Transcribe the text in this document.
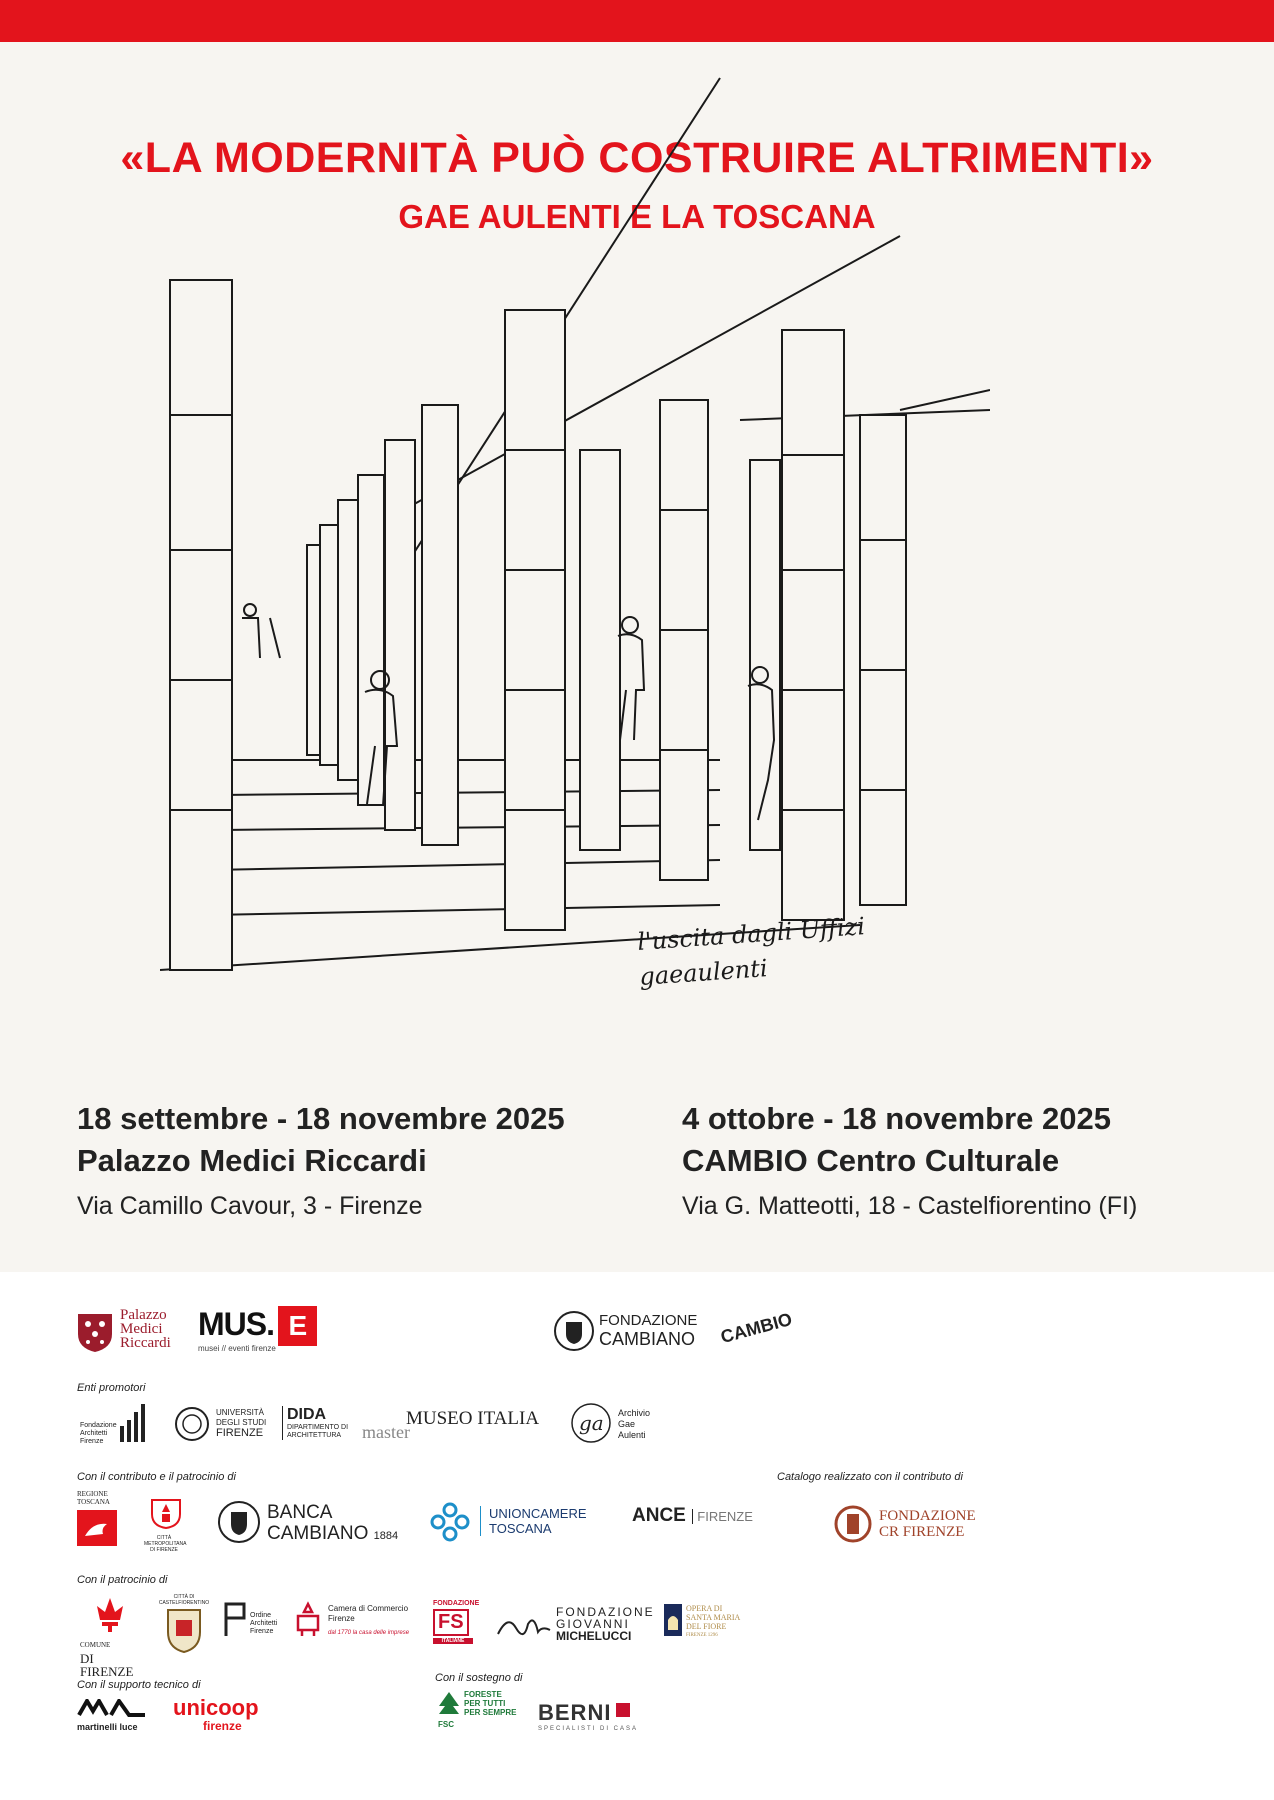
«LA MODERNITÀ PUÒ COSTRUIRE ALTRIMENTI»
GAE AULENTI E LA TOSCANA
l'uscita dagli Uffizi
gaeaulenti
18 settembre - 18 novembre 2025
Palazzo Medici Riccardi
Via Camillo Cavour, 3 - Firenze
4 ottobre - 18 novembre 2025
CAMBIO Centro Culturale
Via G. Matteotti, 18 - Castelfiorentino (FI)
Palazzo
Medici
Riccardi
MUS. E
musei // eventi firenze
FONDAZIONE
CAMBIANO	CAMBIO
Enti promotori
Fondazione
Architetti
Firenze
UNIVERSITÀ
DEGLI STUDI
FIRENZE
DIDA
DIPARTIMENTO DI
ARCHITETTURA
MUSEO ITALIA
master	ga Archivio
Gae
Aulenti
Con il contributo e il patrocinio di	Catalogo realizzato con il contributo di
REGIONE
TOSCANA
CITTÀ METROPOLITANA DI FIRENZE
BANCA
CAMBIANO 1884
UNIONCAMERE
TOSCANA
ANCE FIRENZE	FONDAZIONE
CR FIRENZE
Con il patrocinio di
COMUNE
DI FIRENZE
CITTÀ DI CASTELFIORENTINO
Ordine
Architetti
Firenze
Camera di Commercio
Firenze
dal 1770 la casa delle imprese
FONDAZIONE
FS
ITALIANE
FONDAZIONE
GIOVANNI
MICHELUCCI
OPERA DI
SANTA MARIA
DEL FIORE
FIRENZE 1296
Con il supporto tecnico di
martinelli luce
unicoop
firenze
Con il sostegno di
FSC
FORESTE
PER TUTTI
PER SEMPRE BERNI
SPECIALISTI DI CASA
